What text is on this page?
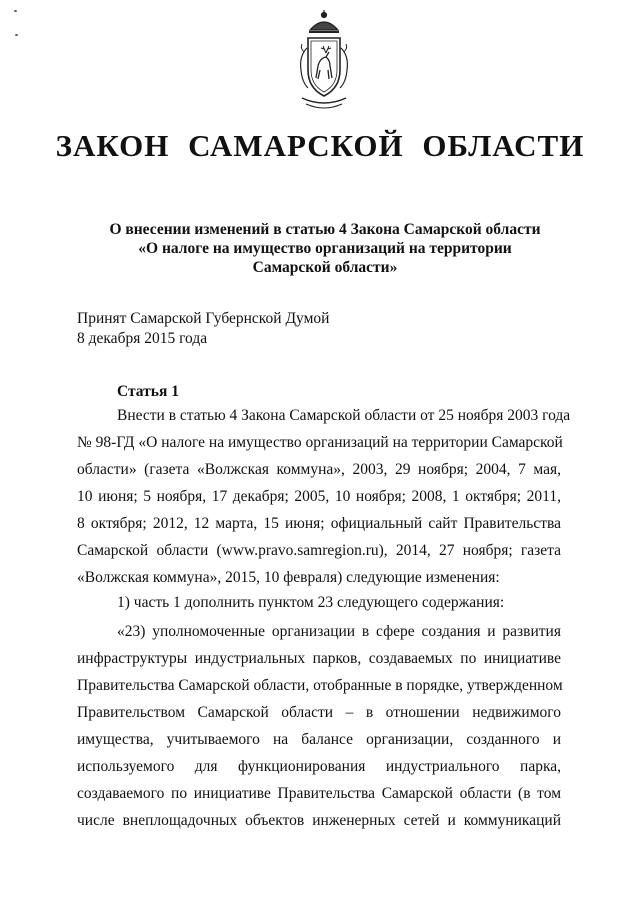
ЗАКОН САМАРСКОЙ ОБЛАСТИ
О внесении изменений в статью 4 Закона Самарской области
«О налоге на имущество организаций на территории
Самарской области»
Принят Самарской Губернской Думой
8 декабря 2015 года
Статья 1
Внести в статью 4 Закона Самарской области от 25 ноября 2003 года
№ 98-ГД «О налоге на имущество организаций на территории Самарской
области» (газета «Волжская коммуна», 2003, 29 ноября; 2004, 7 мая,
10 июня; 5 ноября, 17 декабря; 2005, 10 ноября; 2008, 1 октября; 2011,
8 октября; 2012, 12 марта, 15 июня; официальный сайт Правительства
Самарской области (www.pravo.samregion.ru), 2014, 27 ноября; газета
«Волжская коммуна», 2015, 10 февраля) следующие изменения:
1) часть 1 дополнить пунктом 23 следующего содержания:
«23) уполномоченные организации в сфере создания и развития
инфраструктуры индустриальных парков, создаваемых по инициативе
Правительства Самарской области, отобранные в порядке, утвержденном
Правительством Самарской области – в отношении недвижимого
имущества, учитываемого на балансе организации, созданного и
используемого для функционирования индустриального парка,
создаваемого по инициативе Правительства Самарской области (в том
числе внеплощадочных объектов инженерных сетей и коммуникаций
